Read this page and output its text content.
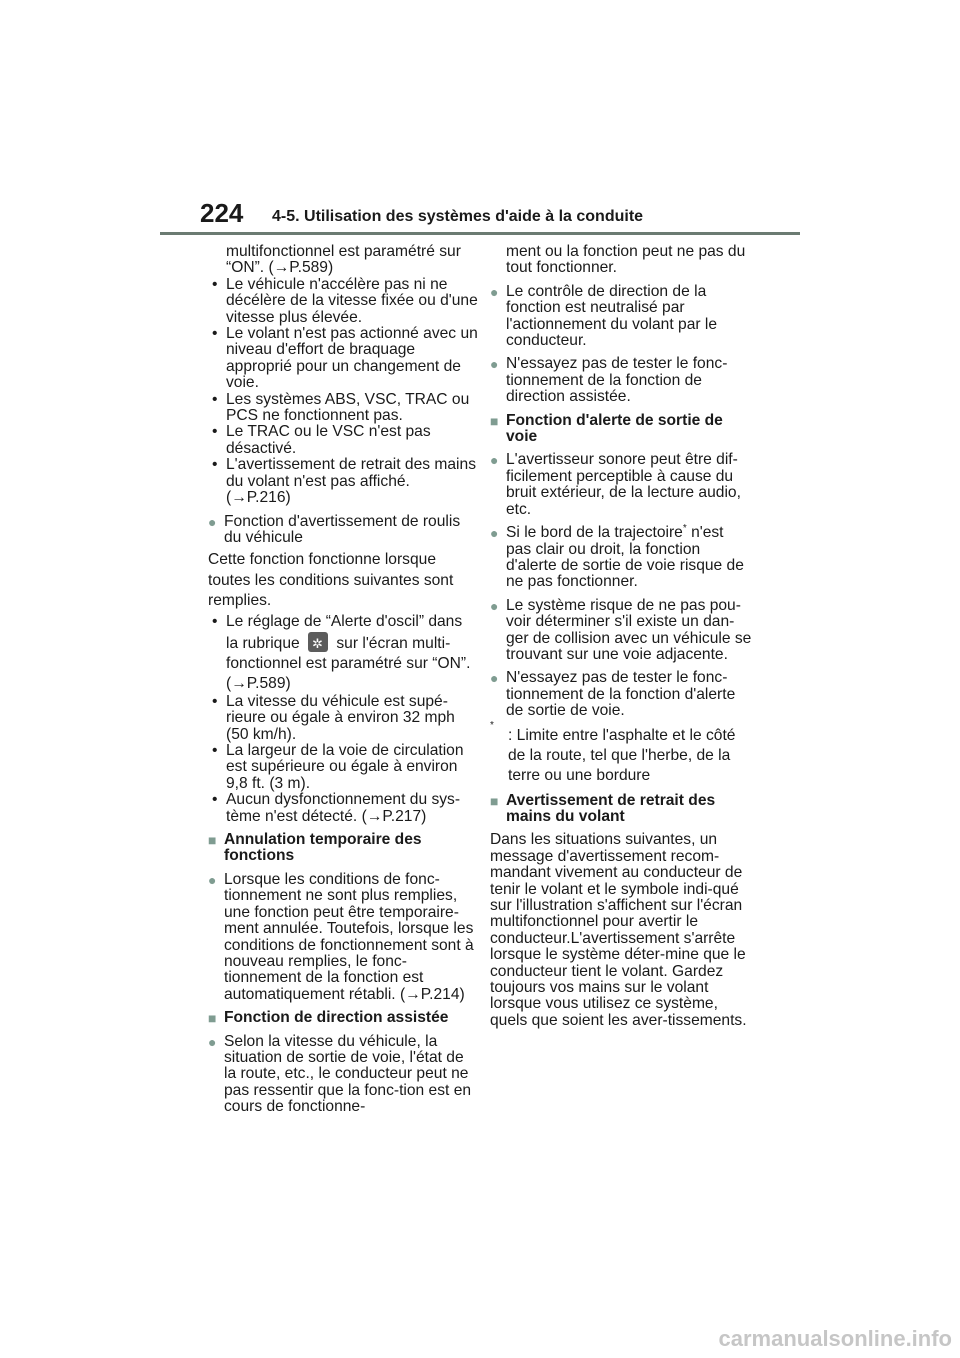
224 4-5. Utilisation des systèmes d'aide à la conduite

multifonctionnel est paramétré sur “ON”. (→P.589)

• Le véhicule n'accélère pas ni ne décélère de la vitesse fixée ou d'une vitesse plus élevée.
• Le volant n'est pas actionné avec un niveau d'effort de braquage approprié pour un changement de voie.
• Les systèmes ABS, VSC, TRAC ou PCS ne fonctionnent pas.
• Le TRAC ou le VSC n'est pas désactivé.
• L'avertissement de retrait des mains du volant n'est pas affiché. (→P.216)
● Fonction d'avertissement de roulis du véhicule

Cette fonction fonctionne lorsque toutes les conditions suivantes sont remplies.

• Le réglage de “Alerte d'oscil” dans la rubrique ✲ sur l'écran multi-fonctionnel est paramétré sur “ON”. (→P.589)
• La vitesse du véhicule est supé-rieure ou égale à environ 32 mph (50 km/h).
• La largeur de la voie de circulation est supérieure ou égale à environ 9,8 ft. (3 m).
• Aucun dysfonctionnement du sys-tème n'est détecté. (→P.217)
■ Annulation temporaire des fonctions
● Lorsque les conditions de fonc-tionnement ne sont plus remplies, une fonction peut être temporaire-ment annulée. Toutefois, lorsque les conditions de fonctionnement sont à nouveau remplies, le fonc-tionnement de la fonction est automatiquement rétabli. (→P.214)
■ Fonction de direction assistée
● Selon la vitesse du véhicule, la situation de sortie de voie, l'état de la route, etc., le conducteur peut ne pas ressentir que la fonc-tion est en cours de fonctionne-

ment ou la fonction peut ne pas du tout fonctionner.

● Le contrôle de direction de la fonction est neutralisé par l'actionnement du volant par le conducteur.
● N'essayez pas de tester le fonc-tionnement de la fonction de direction assistée.
■ Fonction d'alerte de sortie de voie
● L'avertisseur sonore peut être dif-ficilement perceptible à cause du bruit extérieur, de la lecture audio, etc.
● Si le bord de la trajectoire* n'est pas clair ou droit, la fonction d'alerte de sortie de voie risque de ne pas fonctionner.
● Le système risque de ne pas pou-voir déterminer s'il existe un dan-ger de collision avec un véhicule se trouvant sur une voie adjacente.
● N'essayez pas de tester le fonc-tionnement de la fonction d'alerte de sortie de voie.
*
: Limite entre l'asphalte et le côté de la route, tel que l'herbe, de la terre ou une bordure
■ Avertissement de retrait des mains du volant

Dans les situations suivantes, un message d'avertissement recom-mandant vivement au conducteur de tenir le volant et le symbole indi-qué sur l'illustration s'affichent sur l'écran multifonctionnel pour avertir le conducteur.L'avertissement s'arrête lorsque le système déter-mine que le conducteur tient le volant. Gardez toujours vos mains sur le volant lorsque vous utilisez ce système, quels que soient les aver-tissements.

carmanualsonline.info
